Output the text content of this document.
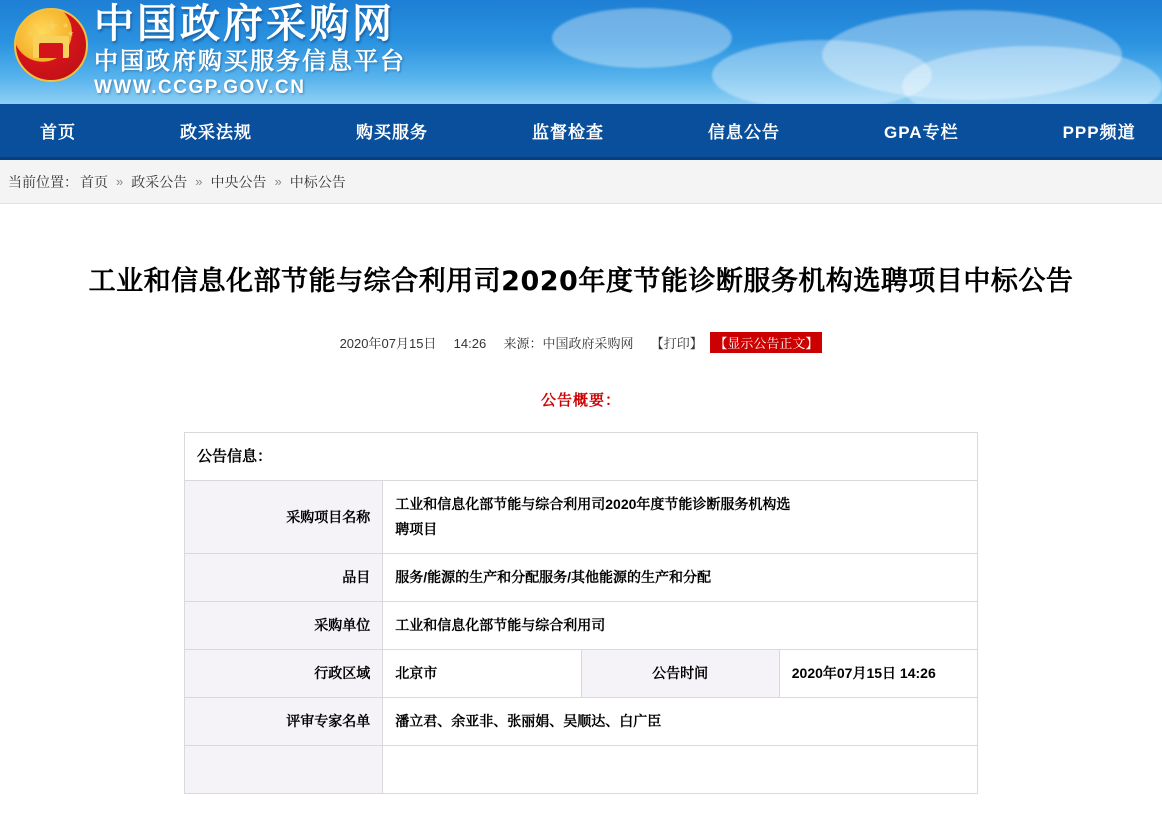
★
★
★
★
★ 中国政府采购网
中国政府购买服务信息平台
WWW.CCGP.GOV.CN
首页	政采法规	购买服务	监督检查	信息公告	GPA专栏	PPP频道
当前位置： 首页 » 政采公告 » 中央公告 » 中标公告
工业和信息化部节能与综合利用司2020年度节能诊断服务机构选聘项目中标公告
2020年07月15日 14:26 来源：中国政府采购网 【打印】 【显示公告正文】
公告概要：
公告信息：			
采购项目名称	工业和信息化部节能与综合利用司2020年度节能诊断服务机构选
聘项目		

品目	服务/能源的生产和分配服务/其他能源的生产和分配		
采购单位	工业和信息化部节能与综合利用司		
行政区域	北京市	公告时间	2020年07月15日 14:26
评审专家名单	潘立君、余亚非、张丽娟、吴顺达、白广臣		
